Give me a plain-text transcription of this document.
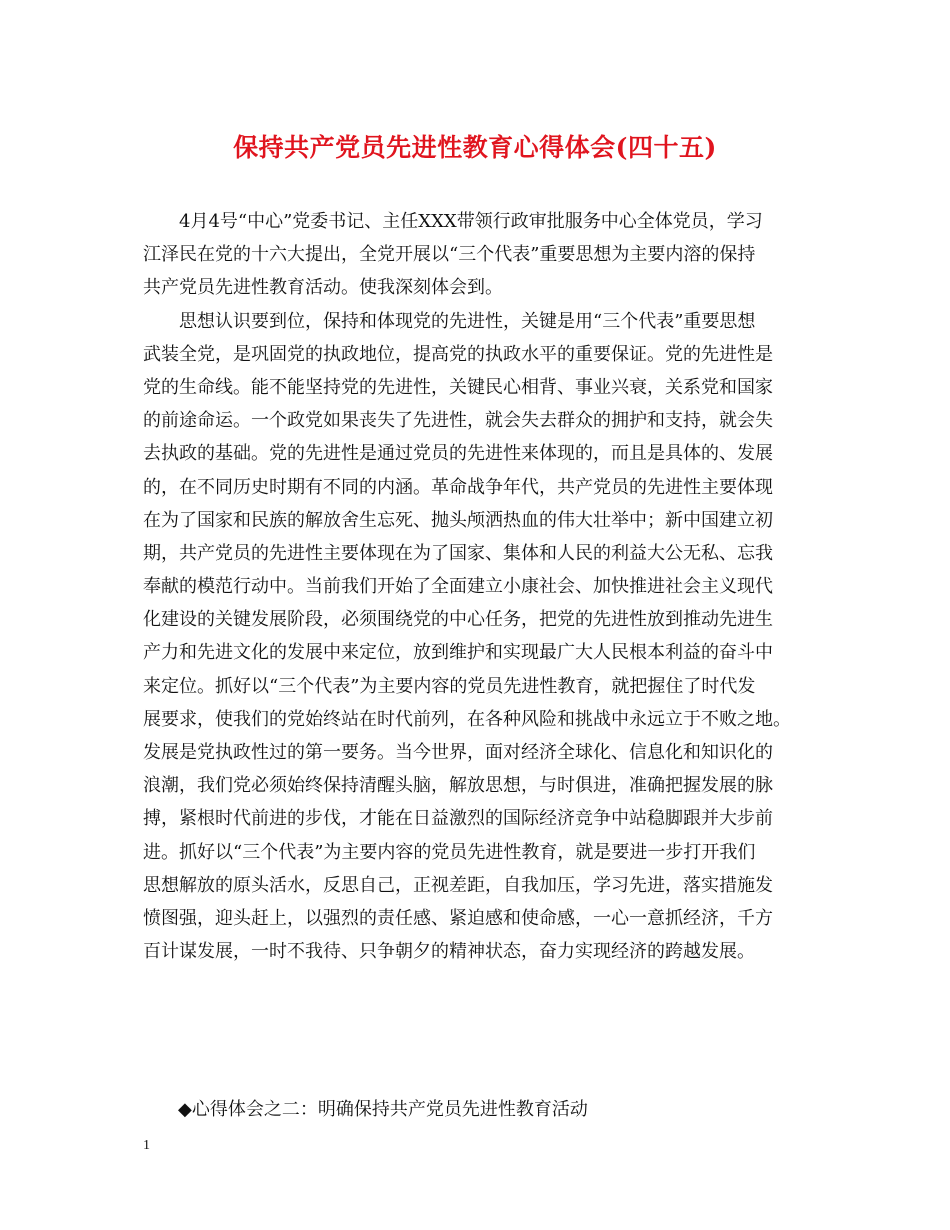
保持共产党员先进性教育心得体会(四十五)
4月4号“中心”党委书记、主任XXX带领行政审批服务中心全体党员，学习
江泽民在党的十六大提出，全党开展以“三个代表”重要思想为主要内溶的保持
共产党员先进性教育活动。使我深刻体会到。
思想认识要到位，保持和体现党的先进性，关键是用“三个代表”重要思想
武装全党，是巩固党的执政地位，提高党的执政水平的重要保证。党的先进性是
党的生命线。能不能坚持党的先进性，关键民心相背、事业兴衰，关系党和国家
的前途命运。一个政党如果丧失了先进性，就会失去群众的拥护和支持，就会失
去执政的基础。党的先进性是通过党员的先进性来体现的，而且是具体的、发展
的，在不同历史时期有不同的内涵。革命战争年代，共产党员的先进性主要体现
在为了国家和民族的解放舍生忘死、抛头颅洒热血的伟大壮举中；新中国建立初
期，共产党员的先进性主要体现在为了国家、集体和人民的利益大公无私、忘我
奉献的模范行动中。当前我们开始了全面建立小康社会、加快推进社会主义现代
化建设的关键发展阶段，必须围绕党的中心任务，把党的先进性放到推动先进生
产力和先进文化的发展中来定位，放到维护和实现最广大人民根本利益的奋斗中
来定位。抓好以“三个代表”为主要内容的党员先进性教育，就把握住了时代发
展要求，使我们的党始终站在时代前列，在各种风险和挑战中永远立于不败之地。
发展是党执政性过的第一要务。当今世界，面对经济全球化、信息化和知识化的
浪潮，我们党必须始终保持清醒头脑，解放思想，与时俱进，准确把握发展的脉
搏，紧根时代前进的步伐，才能在日益激烈的国际经济竞争中站稳脚跟并大步前
进。抓好以“三个代表”为主要内容的党员先进性教育，就是要进一步打开我们
思想解放的原头活水，反思自己，正视差距，自我加压，学习先进，落实措施发
愤图强，迎头赶上，以强烈的责任感、紧迫感和使命感，一心一意抓经济，千方
百计谋发展，一时不我待、只争朝夕的精神状态，奋力实现经济的跨越发展。
◆心得体会之二：明确保持共产党员先进性教育活动
1
